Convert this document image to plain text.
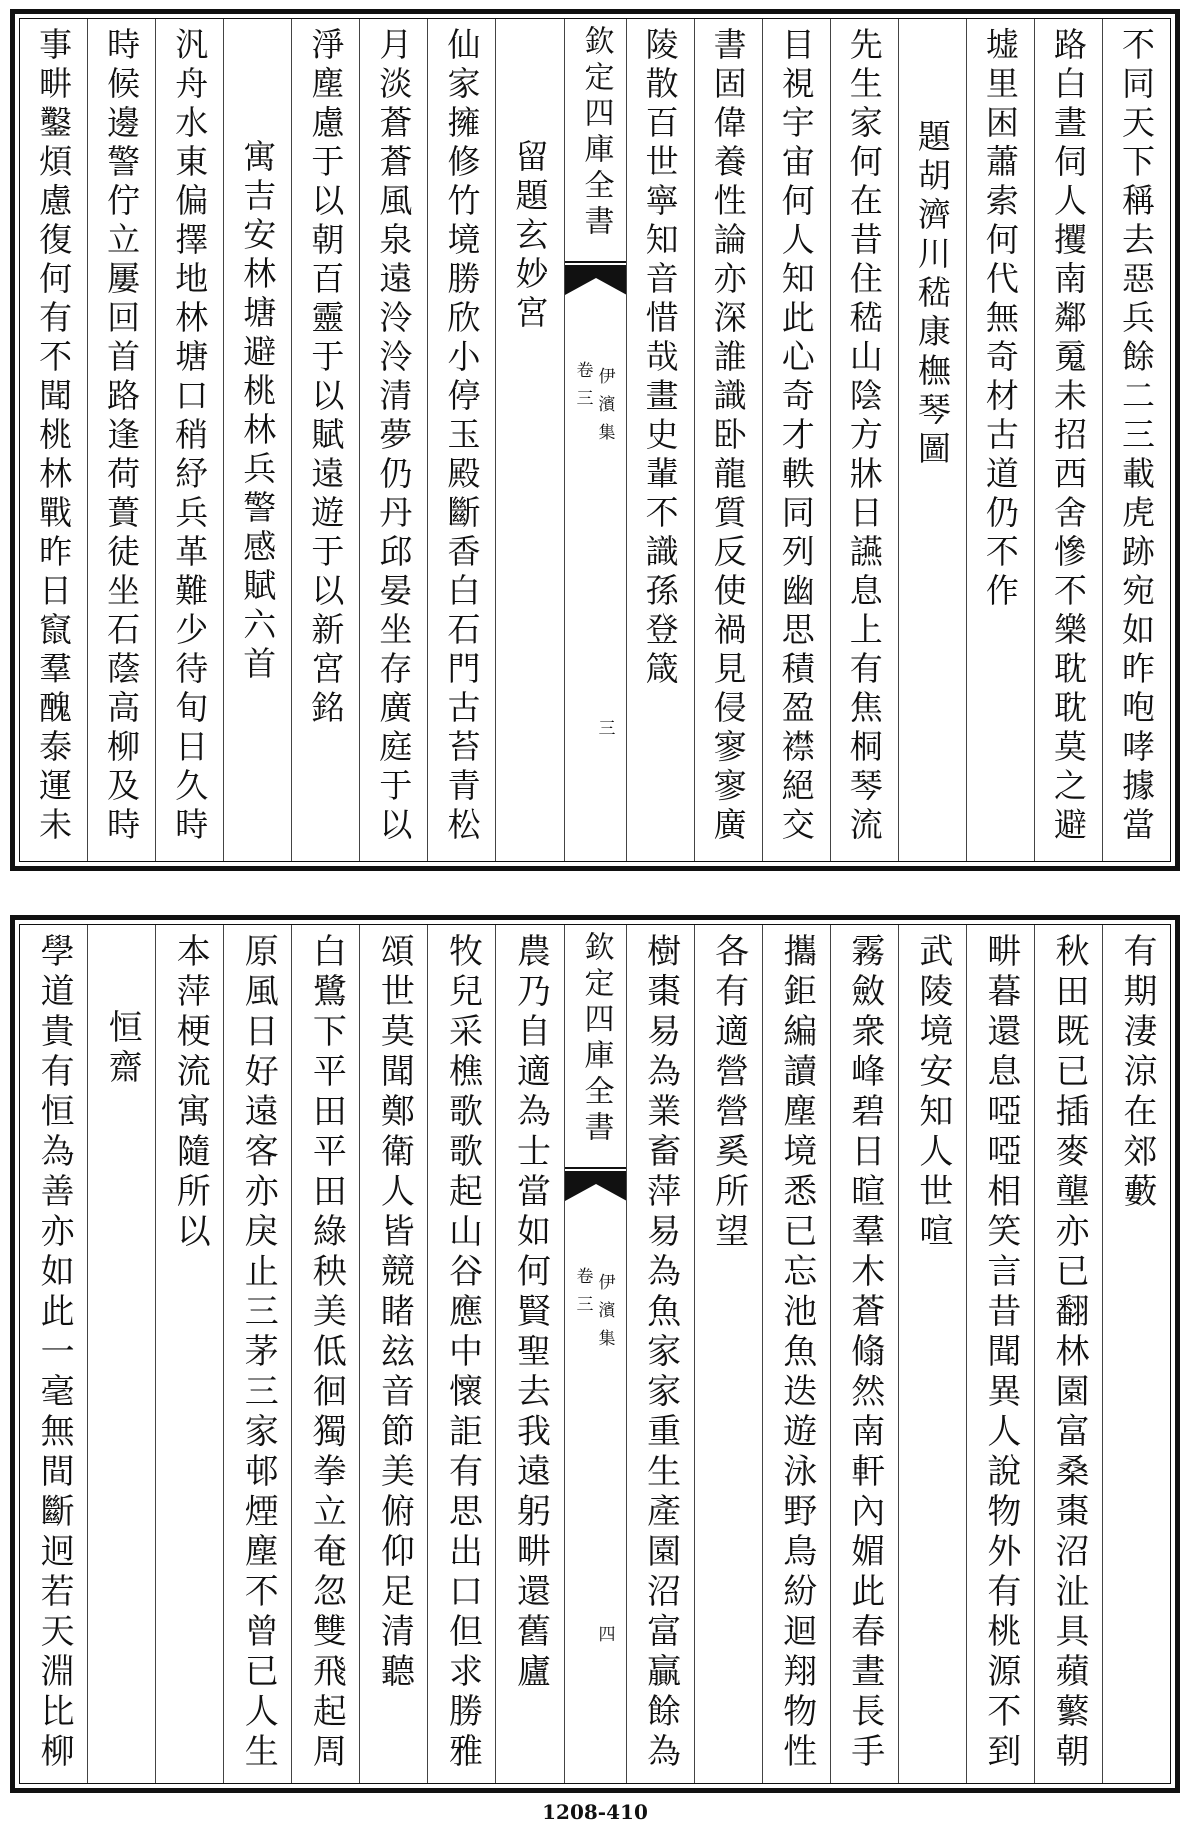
不同天下稱去惡兵餘二三載虎跡宛如昨咆哮據當
路白晝伺人攫南鄰䰟未招西舍慘不樂耽耽莫之避
墟里困蕭索何代無奇材古道仍不作
題胡濟川嵇康橅琴圖
先生家何在昔住嵇山陰方牀日讌息上有焦桐琴流
目視宇宙何人知此心奇才軼同列幽思積盈襟絕交
書固偉養性論亦深誰識卧龍質反使禍見侵寥寥廣
陵散百世寧知音惜哉畫史輩不識孫登箴
欽定四庫全書
伊濱集
卷三
三
留題玄妙宮
仙家擁修竹境勝欣小停玉殿斷香白石門古苔青松
月淡蒼蒼風泉遠泠泠清夢仍丹邱晏坐存廣庭于以
淨塵慮于以朝百靈于以賦遠遊于以新宮銘
寓吉安林塘避桃林兵警感賦六首
汎舟水東偏擇地林塘口稍紓兵革難少待旬日久時
時候邊警佇立屢回首路逢荷蕢徒坐石蔭高柳及時
事畊鑿煩慮復何有不聞桃林戰昨日竄羣醜泰運未
有期淒涼在郊藪
秋田既已插麥壟亦已翻林園富桑棗沼沚具蘋蘩朝
畊暮還息啞啞相笑言昔聞異人說物外有桃源不到
武陵境安知人世喧
霧斂衆峰碧日暄羣木蒼翛然南軒內媚此春晝長手
攜鉅編讀塵境悉已忘池魚迭遊泳野鳥紛迴翔物性
各有適營營奚所望
樹棗易為業畜萍易為魚家家重生產園沼富贏餘為
欽定四庫全書
伊濱集
卷三
四
農乃自適為士當如何賢聖去我遠躬畊還舊廬
牧兒采樵歌歌起山谷應中懷詎有思出口但求勝雅
頌世莫聞鄭衛人皆競睹玆音節美俯仰足清聽
白鷺下平田平田綠秧美低徊獨拳立奄忽雙飛起周
原風日好遠客亦戾止三茅三家邨煙塵不曾已人生
本萍梗流寓隨所以
恒齋
學道貴有恒為善亦如此一毫無間斷迥若天淵比柳
1208-410
